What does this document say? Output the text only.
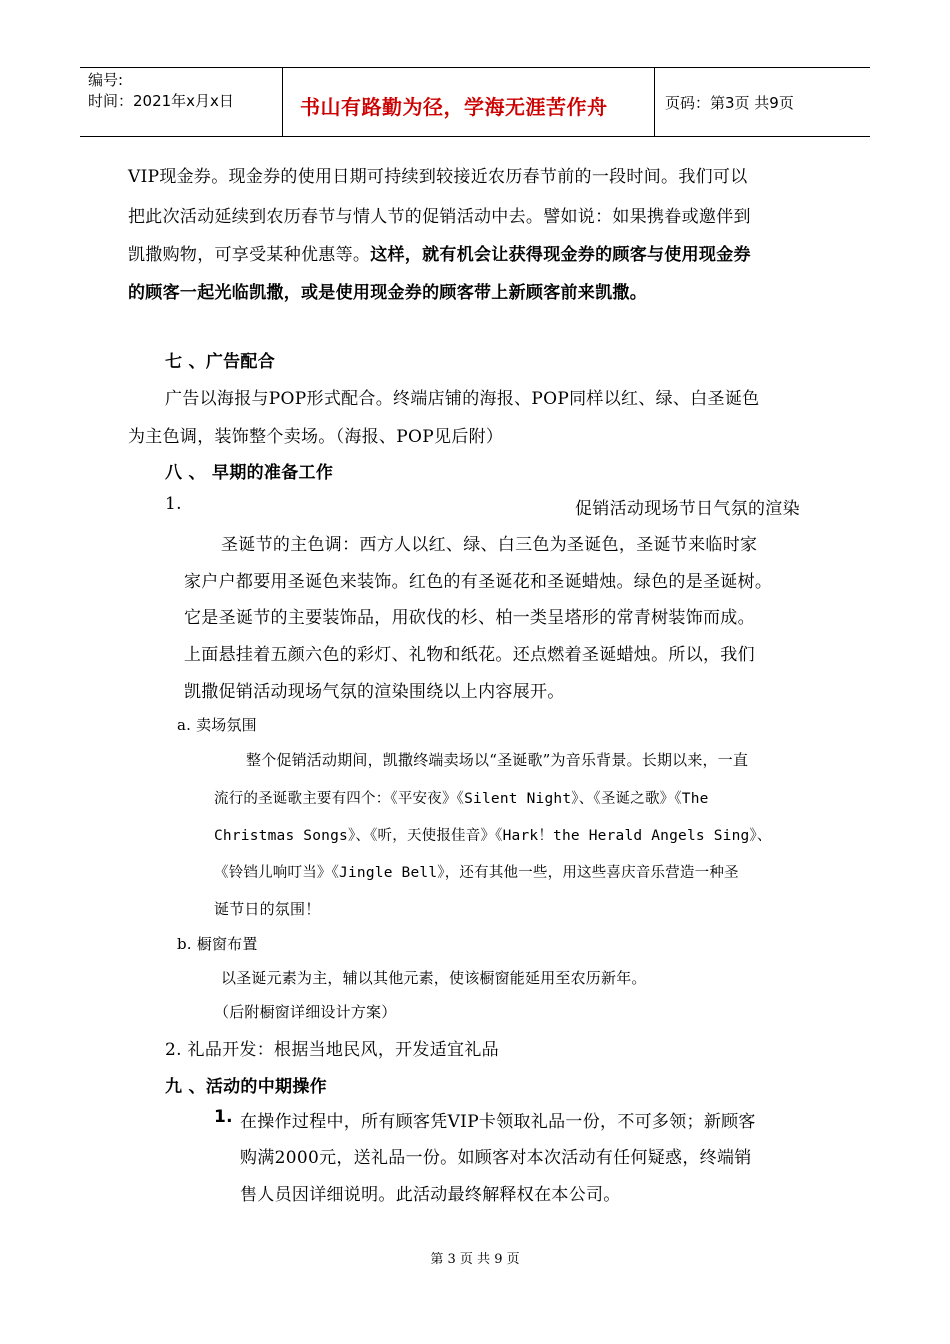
编号:
时间：2021年x月x日	书山有路勤为径，学海无涯苦作舟	页码：第3页 共9页
VIP现金券。现金券的使用日期可持续到较接近农历春节前的一段时间。我们可以
把此次活动延续到农历春节与情人节的促销活动中去。譬如说：如果携眷或邀伴到
凯撒购物，可享受某种优惠等。这样，就有机会让获得现金券的顾客与使用现金券
的顾客一起光临凯撒，或是使用现金券的顾客带上新顾客前来凯撒。
七 、广告配合
广告以海报与POP形式配合。终端店铺的海报、POP同样以红、绿、白圣诞色
为主色调，装饰整个卖场。（海报、POP见后附）
八 、 早期的准备工作
1.	促销活动现场节日气氛的渲染
圣诞节的主色调：西方人以红、绿、白三色为圣诞色，圣诞节来临时家
家户户都要用圣诞色来装饰。红色的有圣诞花和圣诞蜡烛。绿色的是圣诞树。
它是圣诞节的主要装饰品，用砍伐的杉、柏一类呈塔形的常青树装饰而成。
上面悬挂着五颜六色的彩灯、礼物和纸花。还点燃着圣诞蜡烛。所以，我们
凯撒促销活动现场气氛的渲染围绕以上内容展开。
a. 卖场氛围
整个促销活动期间，凯撒终端卖场以“圣诞歌”为音乐背景。长期以来，一直
流行的圣诞歌主要有四个：《平安夜》《Silent Night》、《圣诞之歌》《The
Christmas Songs》、《听，天使报佳音》《Hark！the Herald Angels Sing》、
《铃铛儿响叮当》《Jingle Bell》，还有其他一些，用这些喜庆音乐营造一种圣
诞节日的氛围！
b. 橱窗布置
以圣诞元素为主，辅以其他元素，使该橱窗能延用至农历新年。
（后附橱窗详细设计方案）
2. 礼品开发：根据当地民风，开发适宜礼品
九 、活动的中期操作
1. 在操作过程中，所有顾客凭VIP卡领取礼品一份，不可多领；新顾客
购满2000元，送礼品一份。如顾客对本次活动有任何疑惑，终端销
售人员因详细说明。此活动最终解释权在本公司。
第 3 页 共 9 页
